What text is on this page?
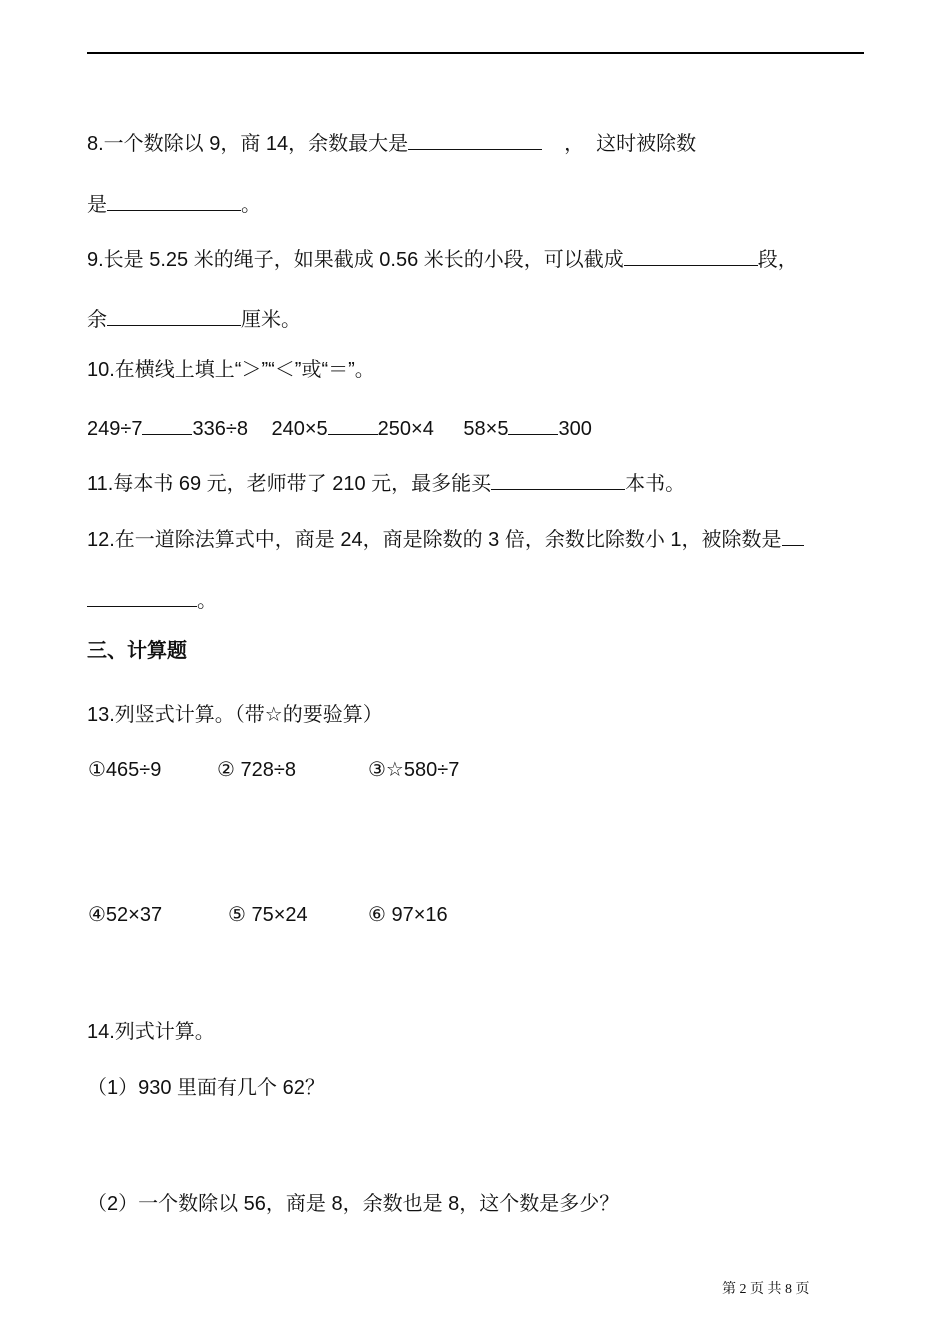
8.一个数除以 9，商 14，余数最大是	， 这时被除数
是	。
9.长是 5.25 米的绳子，如果截成 0.56 米长的小段，可以截成	段，
余	厘米。
10.在横线上填上“＞”“＜”或“＝”。
249÷7	336÷8 240×5	250×4 58×5	300
11.每本书 69 元，老师带了 210 元，最多能买	本书。
12.在一道除法算式中，商是 24，商是除数的 3 倍，余数比除数小 1，被除数是
。
三、计算题
13.列竖式计算。（带☆的要验算）
①465÷9	② 728÷8	③☆580÷7
④52×37	⑤ 75×24	⑥ 97×16
14.列式计算。
（1）930 里面有几个 62？
（2）一个数除以 56，商是 8，余数也是 8，这个数是多少？
第 2 页 共 8 页
